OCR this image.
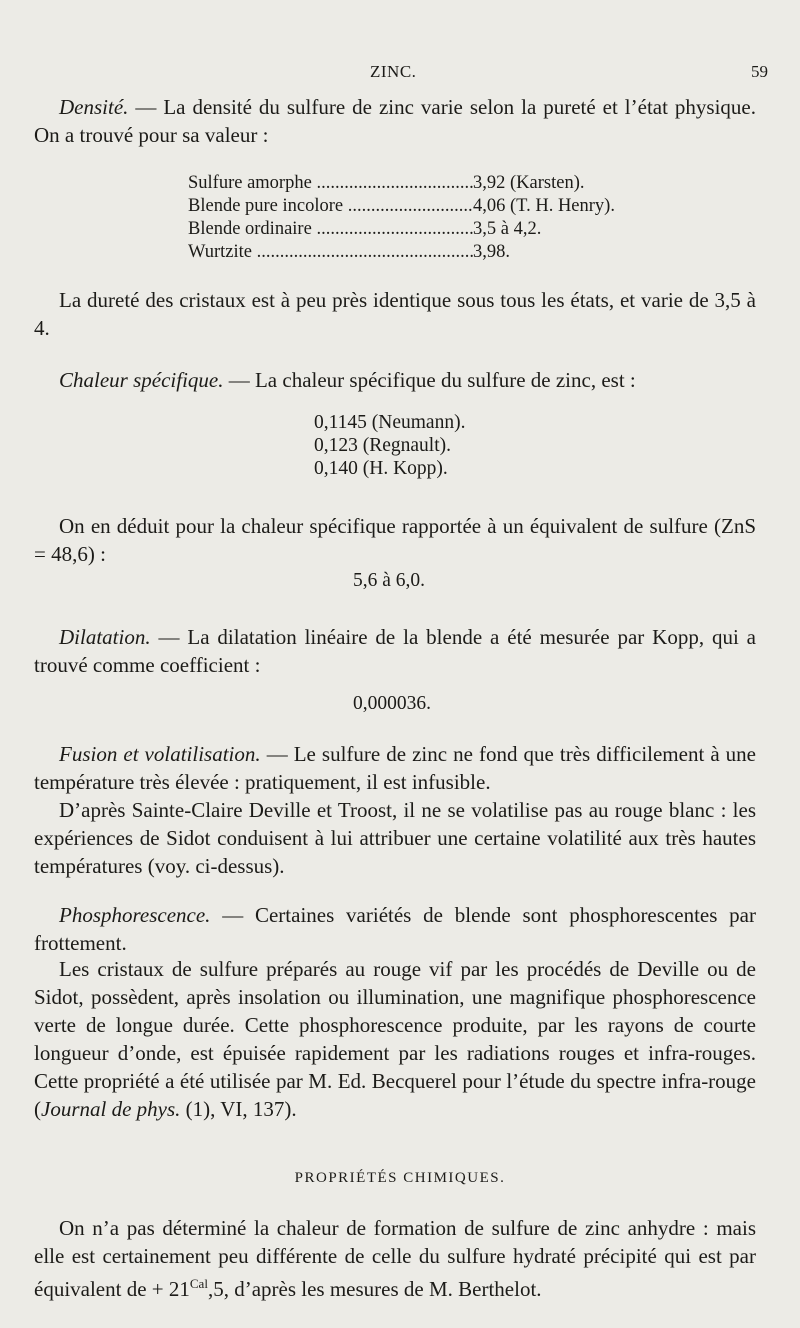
ZINC.	59

Densité. — La densité du sulfure de zinc varie selon la pureté et l’état physique. On a trouvé pour sa valeur :

Sulfure amorphe .....	3,92 (Karsten).
Blende pure incolore .....	4,06 (T. H. Henry).
Blende ordinaire .....	3,5 à 4,2.
Wurtzite .....	3,98.

La dureté des cristaux est à peu près identique sous tous les états, et varie de 3,5 à 4.

Chaleur spécifique. — La chaleur spécifique du sulfure de zinc, est :

0,1145 (Neumann).
0,123 (Regnault).
0,140 (H. Kopp).

On en déduit pour la chaleur spécifique rapportée à un équivalent de sulfure (ZnS = 48,6) :

5,6 à 6,0.

Dilatation. — La dilatation linéaire de la blende a été mesurée par Kopp, qui a trouvé comme coefficient :

0,000036.

Fusion et volatilisation. — Le sulfure de zinc ne fond que très difficilement à une température très élevée : pratiquement, il est infusible.

D’après Sainte-Claire Deville et Troost, il ne se volatilise pas au rouge blanc : les expériences de Sidot conduisent à lui attribuer une certaine volatilité aux très hautes températures (voy. ci-dessus).

Phosphorescence. — Certaines variétés de blende sont phosphorescentes par frottement.

Les cristaux de sulfure préparés au rouge vif par les procédés de Deville ou de Sidot, possèdent, après insolation ou illumination, une magnifique phosphorescence verte de longue durée. Cette phosphorescence produite, par les rayons de courte longueur d’onde, est épuisée rapidement par les radiations rouges et infra-rouges. Cette propriété a été utilisée par M. Ed. Becquerel pour l’étude du spectre infra-rouge (Journal de phys. (1), VI, 137).

PROPRIÉTÉS CHIMIQUES.

On n’a pas déterminé la chaleur de formation de sulfure de zinc anhydre : mais elle est certainement peu différente de celle du sulfure hydraté précipité qui est par équivalent de + $21^{Cal},5$, d’après les mesures de M. Berthelot.
